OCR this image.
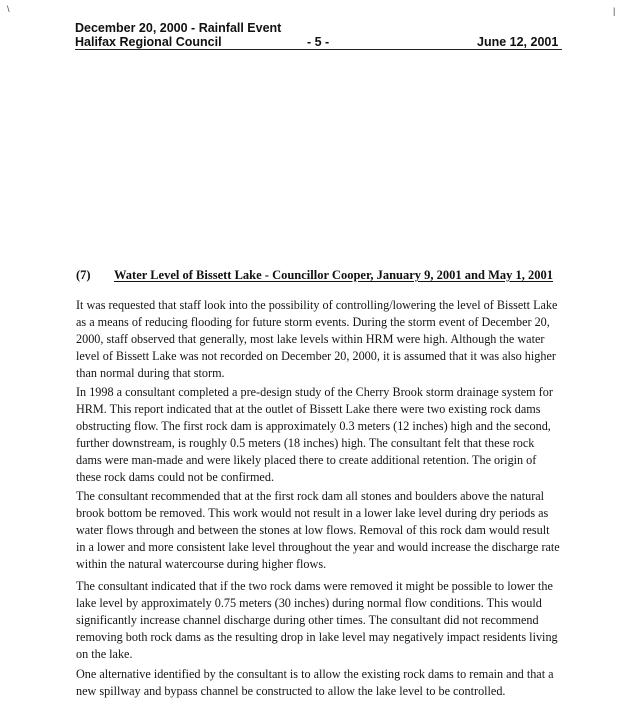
\	|
December 20, 2000 - Rainfall Event
Halifax Regional Council	- 5 -	June 12, 2001
(7) Water Level of Bissett Lake - Councillor Cooper, January 9, 2001 and May 1, 2001

It was requested that staff look into the possibility of controlling/lowering the level of Bissett Lake as a means of reducing flooding for future storm events. During the storm event of December 20, 2000, staff observed that generally, most lake levels within HRM were high. Although the water level of Bissett Lake was not recorded on December 20, 2000, it is assumed that it was also higher than normal during that storm.

In 1998 a consultant completed a pre-design study of the Cherry Brook storm drainage system for HRM. This report indicated that at the outlet of Bissett Lake there were two existing rock dams obstructing flow. The first rock dam is approximately 0.3 meters (12 inches) high and the second, further downstream, is roughly 0.5 meters (18 inches) high. The consultant felt that these rock dams were man-made and were likely placed there to create additional retention. The origin of these rock dams could not be confirmed.

The consultant recommended that at the first rock dam all stones and boulders above the natural brook bottom be removed. This work would not result in a lower lake level during dry periods as water flows through and between the stones at low flows. Removal of this rock dam would result in a lower and more consistent lake level throughout the year and would increase the discharge rate within the natural watercourse during higher flows.

The consultant indicated that if the two rock dams were removed it might be possible to lower the lake level by approximately 0.75 meters (30 inches) during normal flow conditions. This would significantly increase channel discharge during other times. The consultant did not recommend removing both rock dams as the resulting drop in lake level may negatively impact residents living on the lake.

One alternative identified by the consultant is to allow the existing rock dams to remain and that a new spillway and bypass channel be constructed to allow the lake level to be controlled.
